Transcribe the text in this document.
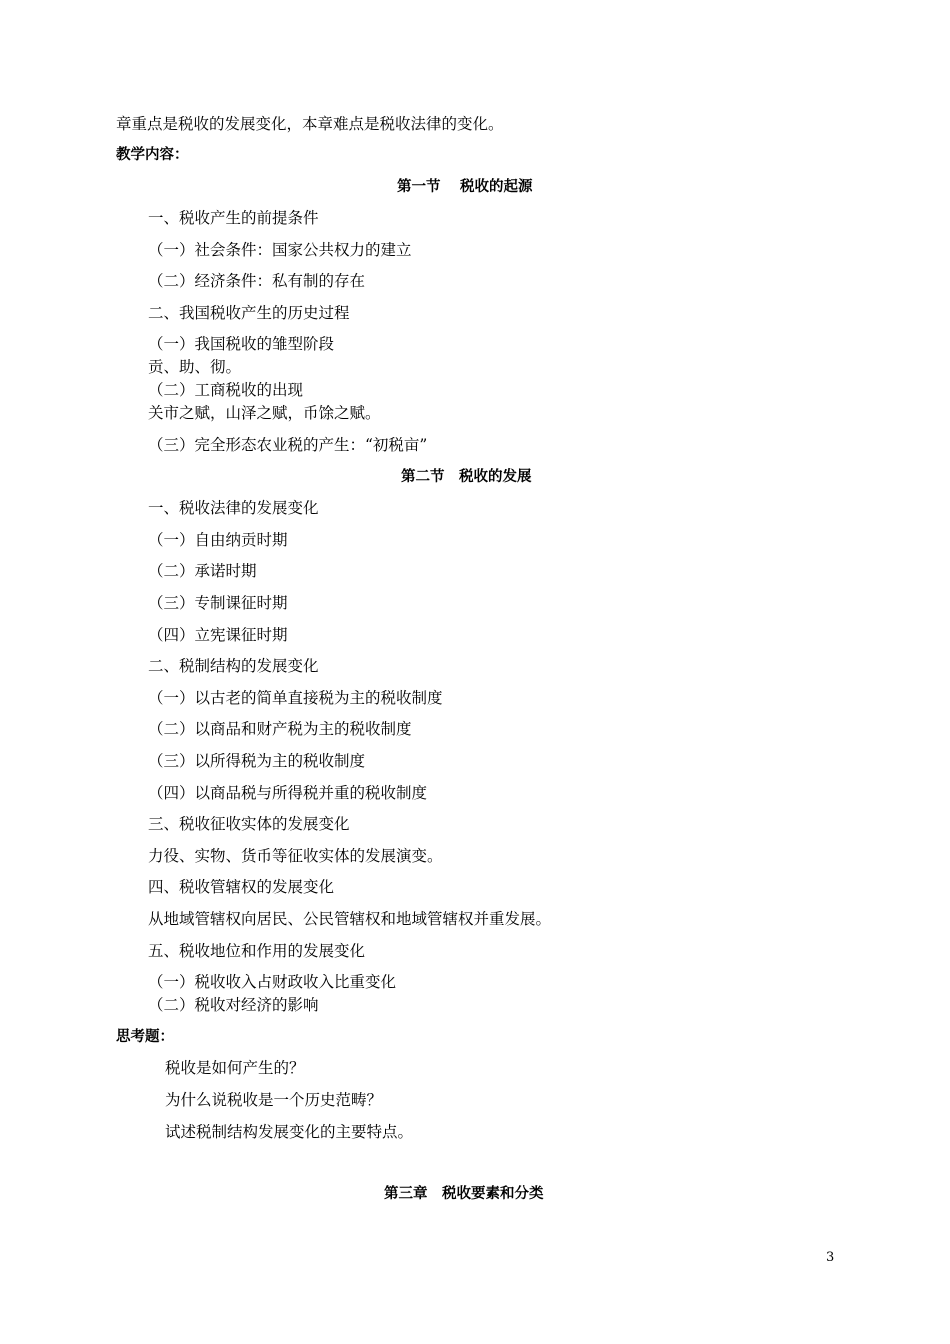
章重点是税收的发展变化，本章难点是税收法律的变化。
教学内容：
第一节　 税收的起源
一、税收产生的前提条件
（一）社会条件：国家公共权力的建立
（二）经济条件：私有制的存在
二、我国税收产生的历史过程
（一）我国税收的雏型阶段
贡、助、彻。
（二）工商税收的出现
关市之赋，山泽之赋，币馀之赋。
（三）完全形态农业税的产生：“初税亩”
第二节　税收的发展
一、税收法律的发展变化
（一）自由纳贡时期
（二）承诺时期
（三）专制课征时期
（四）立宪课征时期
二、税制结构的发展变化
（一）以古老的简单直接税为主的税收制度
（二）以商品和财产税为主的税收制度
（三）以所得税为主的税收制度
（四）以商品税与所得税并重的税收制度
三、税收征收实体的发展变化
力役、实物、货币等征收实体的发展演变。
四、税收管辖权的发展变化
从地域管辖权向居民、公民管辖权和地域管辖权并重发展。
五、税收地位和作用的发展变化
（一）税收收入占财政收入比重变化
（二）税收对经济的影响
思考题：
税收是如何产生的？
为什么说税收是一个历史范畴？
试述税制结构发展变化的主要特点。
第三章　税收要素和分类
3
